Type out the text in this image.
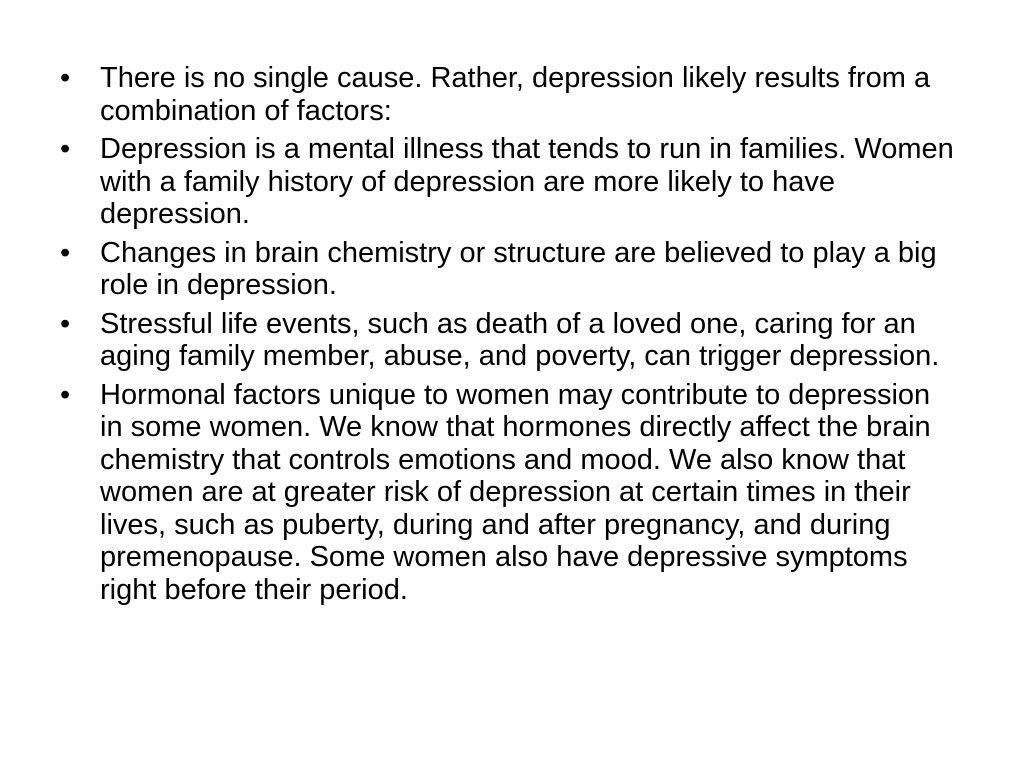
•	There is no single cause. Rather, depression likely results from a combination of factors:
•	Depression is a mental illness that tends to run in families. Women with a family history of depression are more likely to have depression.
•	Changes in brain chemistry or structure are believed to play a big role in depression.
•	Stressful life events, such as death of a loved one, caring for an aging family member, abuse, and poverty, can trigger depression.
•	Hormonal factors unique to women may contribute to depression in some women. We know that hormones directly affect the brain chemistry that controls emotions and mood. We also know that women are at greater risk of depression at certain times in their lives, such as puberty, during and after pregnancy, and during premenopause. Some women also have depressive symptoms right before their period.
